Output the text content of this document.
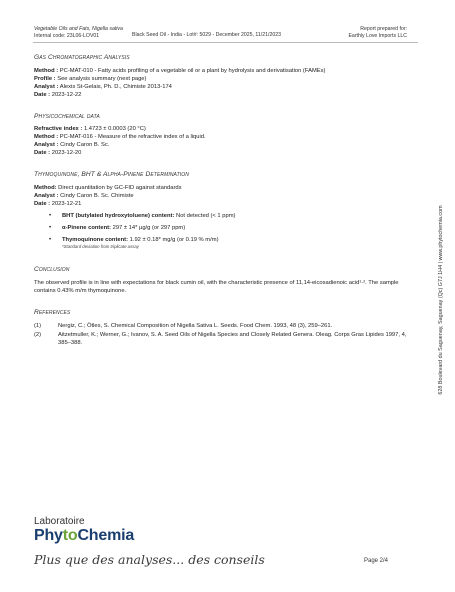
Vegetable Oils and Fats, Nigella sativa
Internal code: 23L06-LOV01	Black Seed Oil - India - Lot#: 5029 - December 2025, 11/21/2023
Report prepared for:
Earthly Love Imports LLC
Gas Chromatographic Analysis

Method : PC-MAT-010 - Fatty acids profiling of a vegetable oil or a plant by hydrolysis and derivatisation (FAMEs)

Profile : See analysis summary (next page)

Analyst : Alexis St-Gelais, Ph. D., Chimiste 2013-174

Date : 2023-12-22

Physicochemical data

Refractive index : 1.4723 ± 0.0003 (20 °C)

Method : PC-MAT-016 - Measure of the refractive index of a liquid.

Analyst : Cindy Caron B. Sc.

Date : 2023-12-20

Thymoquinone, BHT & Alpha-Pinene Determination

Method: Direct quantitation by GC-FID against standards

Analyst : Cindy Caron B. Sc. Chimiste

Date : 2023-12-21

• BHT (butylated hydroxytoluene) content: Not detected (< 1 ppm)
• α-Pinene content: 297 ± 14* µg/g (or 297 ppm)
• Thymoquinone content: 1.92 ± 0.18* mg/g (or 0.19 % m/m)
*Standard deviation from triplicate assay
Conclusion

The observed profile is in line with expectations for black cumin oil, with the characteristic presence of 11,14-eicosadienoic acid¹·². The sample contains 0.43% m/m thymoquinone.

References
(1)	Nergiz, C.; Ötles, S. Chemical Composition of Nigella Sativa L. Seeds. Food Chem. 1993, 48 (3), 259–261.
(2)	Aitzetmuller, K.; Werner, G.; Ivanov, S. A. Seed Oils of Nigella Species and Closely Related Genera. Oleag. Corps Gras Lipides 1997, 4, 385–388.	628 Boulevard du Saguenay, Saguenay (Qc) G7J 1H4 | www.phytochemia.com
Laboratoire
PhytoChemia
Plus que des analyses... des conseils	Page 2/4
